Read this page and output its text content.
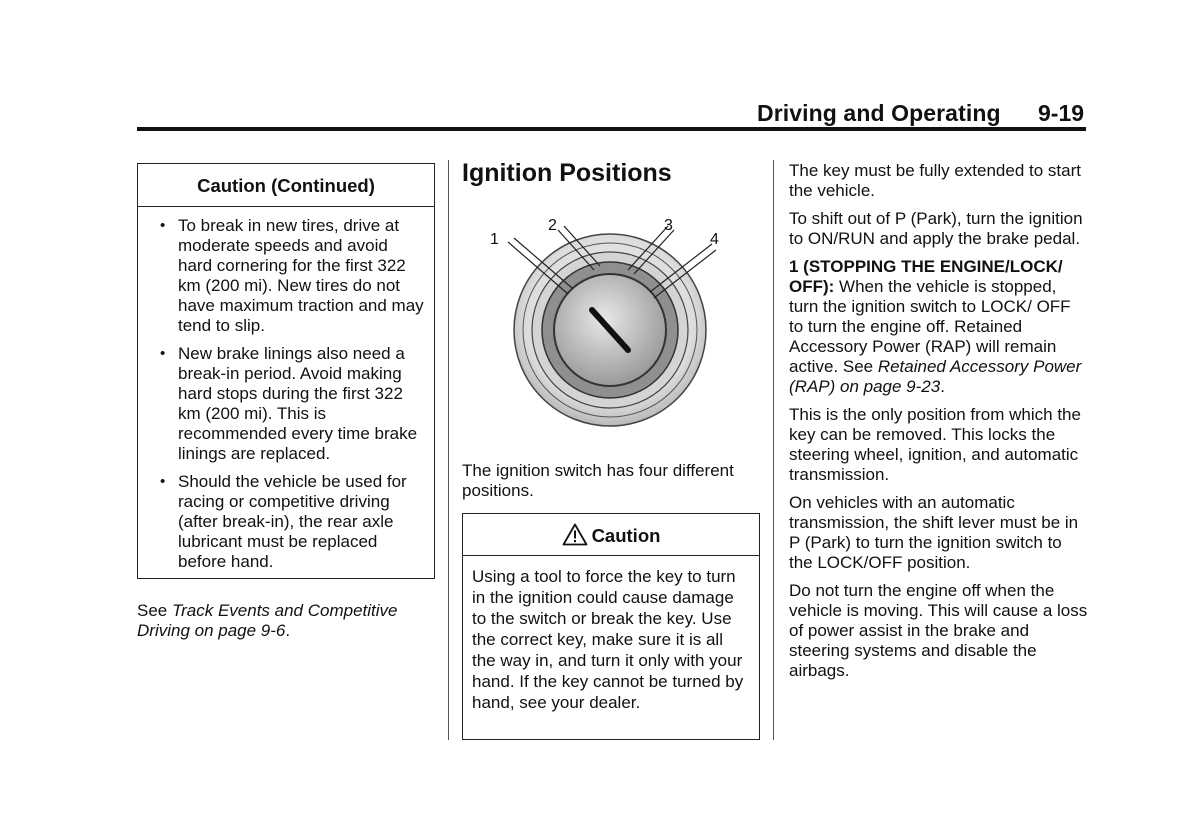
Driving and Operating 9-19
Caution (Continued)
• To break in new tires, drive at moderate speeds and avoid hard cornering for the first 322 km (200 mi). New tires do not have maximum traction and may tend to slip.
• New brake linings also need a break-in period. Avoid making hard stops during the first 322 km (200 mi). This is recommended every time brake linings are replaced.
• Should the vehicle be used for racing or competitive driving (after break-in), the rear axle lubricant must be replaced before hand.
See Track Events and Competitive Driving on page 9-6.
Ignition Positions
1
2	3
4
The ignition switch has four different positions.
Caution
Using a tool to force the key to turn in the ignition could cause damage to the switch or break the key. Use the correct key, make sure it is all the way in, and turn it only with your hand. If the key cannot be turned by hand, see your dealer.

The key must be fully extended to start the vehicle.

To shift out of P (Park), turn the ignition to ON/RUN and apply the brake pedal.

1 (STOPPING THE ENGINE/LOCK/ OFF): When the vehicle is stopped, turn the ignition switch to LOCK/ OFF to turn the engine off. Retained Accessory Power (RAP) will remain active. See Retained Accessory Power (RAP) on page 9-23.

This is the only position from which the key can be removed. This locks the steering wheel, ignition, and automatic transmission.

On vehicles with an automatic transmission, the shift lever must be in P (Park) to turn the ignition switch to the LOCK/OFF position.

Do not turn the engine off when the vehicle is moving. This will cause a loss of power assist in the brake and steering systems and disable the airbags.
